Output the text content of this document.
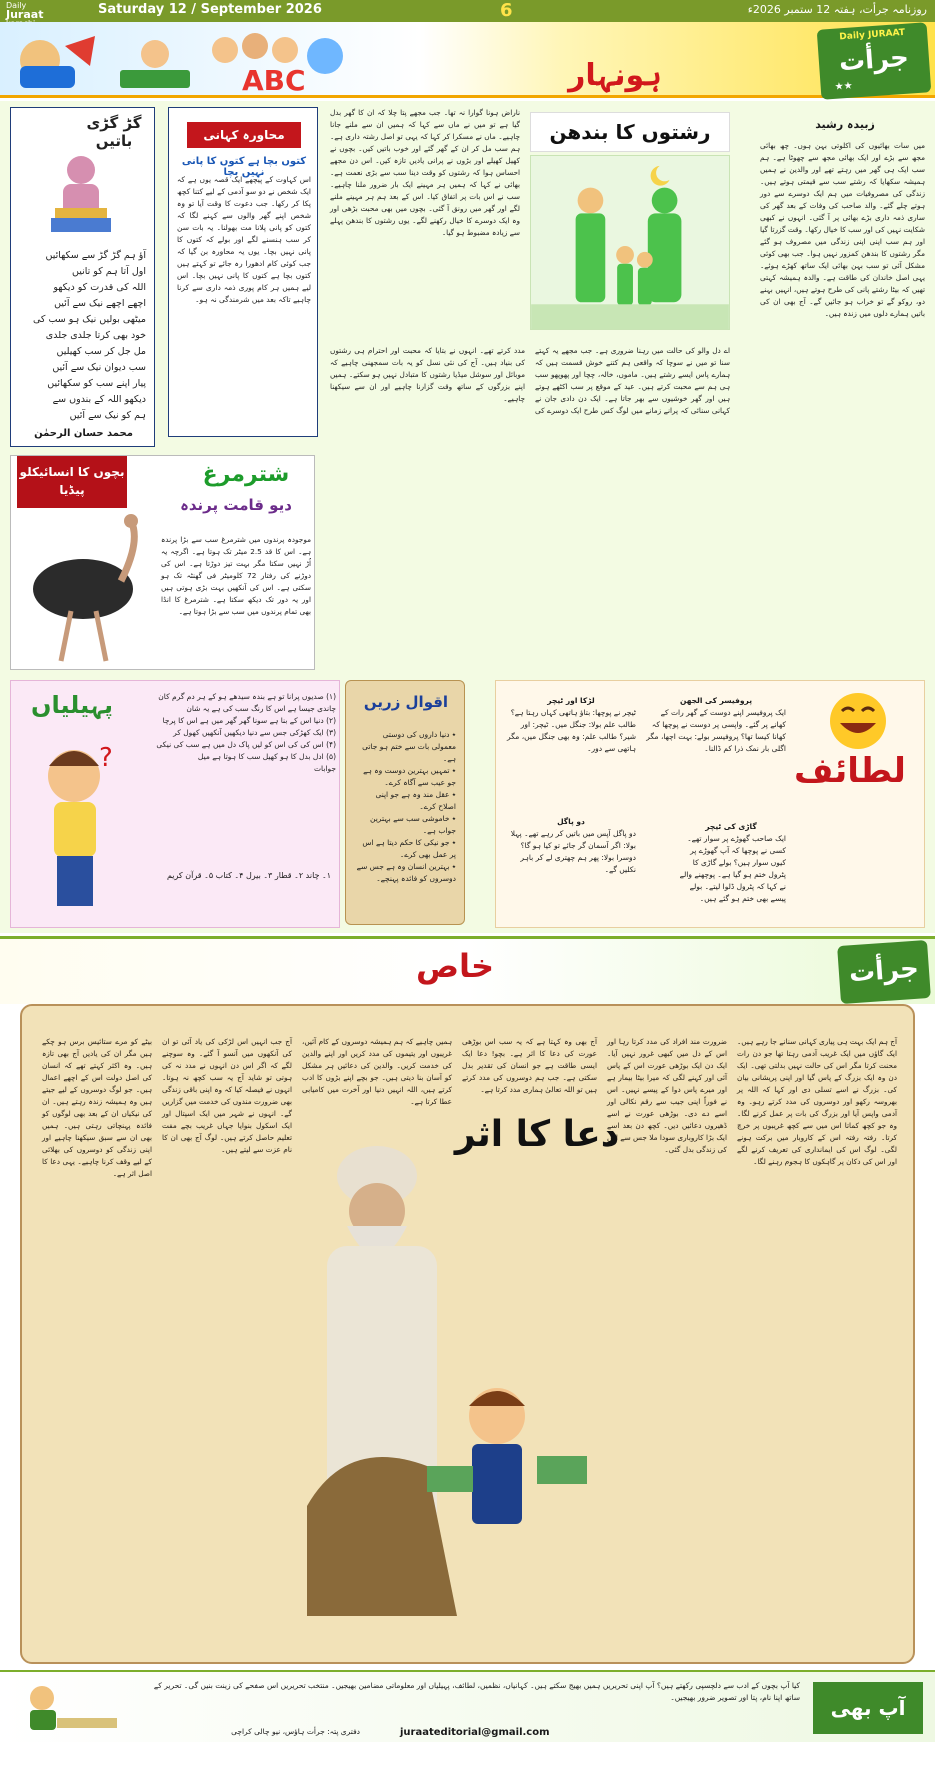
Daily
Juraat	Saturday 12 / September 2026	6	روزنامہ جرأت، ہفتہ 12 ستمبر 2026ء
ABC	ہونہار
Daily JURAAT
جرأت
★★
گڑ گڑی باتیں
آؤ ہم گڑ گڑ سے سکھائیں
اول آتا ہم کو تانیں
اللہ کی قدرت کو دیکھو
اچھے اچھے نیک سے آئیں
میٹھی بولیں نیک ہو سب کی
خود بھی کرتا جلدی جلدی
مل جل کر سب کھیلیں
سب دیوان نیک سے آئیں
پیار اپنے سب کو سکھائیں
دیکھو اللہ کے بندوں سے
ہم کو نیک سے آئیں
محمد حسان الرحمٰن
محاورہ کہانی
کتوں بچا ہے کتوں کا پانی نہیں بچا
اس کہاوت کے پیچھے ایک قصہ یوں ہے کہ ایک شخص نے دو سو آدمی کے لیے کتنا کچھ پکا کر رکھا۔ جب دعوت کا وقت آیا تو وہ شخص اپنے گھر والوں سے کہنے لگا کہ کتوں کو پانی پلانا مت بھولنا۔ یہ بات سن کر سب ہنسنے لگے اور بولے کہ کتوں کا پانی نہیں بچا۔ یوں یہ محاورہ بن گیا کہ جب کوئی کام ادھورا رہ جائے تو کہتے ہیں کتوں بچا ہے کتوں کا پانی نہیں بچا۔ اس لیے ہمیں ہر کام پوری ذمہ داری سے کرنا چاہیے تاکہ بعد میں شرمندگی نہ ہو۔
رشتوں کا بندھن	زبیدہ رشید
میں سات بھائیوں کی اکلوتی بہن ہوں۔ چھ بھائی مجھ سے بڑے اور ایک بھائی مجھ سے چھوٹا ہے۔ ہم سب ایک ہی گھر میں رہتے تھے اور والدین نے ہمیں ہمیشہ سکھایا کہ رشتے سب سے قیمتی ہوتے ہیں۔ زندگی کی مصروفیات میں ہم ایک دوسرے سے دور ہوتے چلے گئے۔ والد صاحب کی وفات کے بعد گھر کی ساری ذمہ داری بڑے بھائی پر آ گئی۔ انہوں نے کبھی شکایت نہیں کی اور سب کا خیال رکھا۔ وقت گزرتا گیا اور ہم سب اپنی اپنی زندگی میں مصروف ہو گئے مگر رشتوں کا بندھن کمزور نہیں ہوا۔ جب بھی کوئی مشکل آئی تو سب بہن بھائی ایک ساتھ کھڑے ہوئے۔ یہی اصل خاندان کی طاقت ہے۔ والدہ ہمیشہ کہتی تھیں کہ بیٹا رشتے پانی کی طرح ہوتے ہیں، انہیں بہنے دو، روکو گے تو خراب ہو جائیں گے۔ آج بھی ان کی باتیں ہمارے دلوں میں زندہ ہیں۔
ناراض ہونا گوارا نہ تھا۔ جب مجھے پتا چلا کہ ان کا گھر بدل گیا ہے تو میں نے ماں سے کہا کہ ہمیں ان سے ملنے جانا چاہیے۔ ماں نے مسکرا کر کہا کہ یہی تو اصل رشتہ داری ہے۔ ہم سب مل کر ان کے گھر گئے اور خوب باتیں کیں۔ بچوں نے کھیل کھیلے اور بڑوں نے پرانی یادیں تازہ کیں۔ اس دن مجھے احساس ہوا کہ رشتوں کو وقت دینا سب سے بڑی نعمت ہے۔ بھائی نے کہا کہ ہمیں ہر مہینے ایک بار ضرور ملنا چاہیے۔ سب نے اس بات پر اتفاق کیا۔ اس کے بعد ہم ہر مہینے ملنے لگے اور گھر میں رونق آ گئی۔ بچوں میں بھی محبت بڑھی اور وہ ایک دوسرے کا خیال رکھنے لگے۔ یوں رشتوں کا بندھن پہلے سے زیادہ مضبوط ہو گیا۔
اے دل والو کی حالت میں رہنا ضروری ہے۔ جب مجھے یہ کہتے سنا تو میں نے سوچا کہ واقعی ہم کتنے خوش قسمت ہیں کہ ہمارے پاس ایسے رشتے ہیں۔ ماموں، خالہ، چچا اور پھوپھو سب ہی ہم سے محبت کرتے ہیں۔ عید کے موقع پر سب اکٹھے ہوتے ہیں اور گھر خوشیوں سے بھر جاتا ہے۔ ایک دن دادی جان نے کہانی سنائی کہ پرانے زمانے میں لوگ کس طرح ایک دوسرے کی مدد کرتے تھے۔ انہوں نے بتایا کہ محبت اور احترام ہی رشتوں کی بنیاد ہیں۔ آج کی نئی نسل کو یہ بات سمجھنی چاہیے کہ موبائل اور سوشل میڈیا رشتوں کا متبادل نہیں ہو سکتے۔ ہمیں اپنے بزرگوں کے ساتھ وقت گزارنا چاہیے اور ان سے سیکھنا چاہیے۔
بچوں کا انسائیکلو پیڈیا
شترمرغ
دیو قامت پرندہ
موجودہ پرندوں میں شترمرغ سب سے بڑا پرندہ ہے۔ اس کا قد 2.5 میٹر تک ہوتا ہے۔ اگرچہ یہ اُڑ نہیں سکتا مگر بہت تیز دوڑتا ہے۔ اس کی دوڑنے کی رفتار 72 کلومیٹر فی گھنٹہ تک ہو سکتی ہے۔ اس کی آنکھیں بہت بڑی ہوتی ہیں اور یہ دور تک دیکھ سکتا ہے۔ شترمرغ کا انڈا بھی تمام پرندوں میں سب سے بڑا ہوتا ہے۔
پہیلیاں
?
(۱) صدیوں پرانا تو ہے بندہ سیدھے ہو کے ہر دم گرم کان
چاندی جیسا ہے اس کا رنگ سب کی ہے یہ شان
(۲) دنیا اس کے بنا ہے سونا گھر گھر میں ہے اس کا پرچا
(۳) ایک کھڑکی جس سے دنیا دیکھیں آنکھیں کھول کر
(۴) اس کی کی اس کو لیں پاک دل میں ہے سب کی نیکی
(۵) ادل بدل کا ہو کھیل سب کا ہوتا ہے میل
جوابات
۱۔ چاند ۲۔ قطار ۳۔ بیرل ۴۔ کتاب ۵۔ قرآن کریم
اقوال زریں
٭ دنیا داروں کی دوستی معمولی بات سے ختم ہو جاتی ہے۔
٭ تمہیں بہترین دوست وہ ہے جو عیب سے آگاہ کرے۔
٭ عقل مند وہ ہے جو اپنی اصلاح کرے۔
٭ خاموشی سب سے بہترین جواب ہے۔
٭ جو نیکی کا حکم دیتا ہے اس پر عمل بھی کرے۔
٭ بہترین انسان وہ ہے جس سے دوسروں کو فائدہ پہنچے۔
لطائف
گاڑی کی ٹیچر
ایک صاحب گھوڑے پر سوار تھے۔ کسی نے پوچھا کہ آپ گھوڑے پر کیوں سوار ہیں؟ بولے گاڑی کا پٹرول ختم ہو گیا ہے۔ پوچھنے والے نے کہا کہ پٹرول ڈلوا لیتے۔ بولے پیسے بھی ختم ہو گئے ہیں۔
پروفیسر کی الجھن
ایک پروفیسر اپنے دوست کے گھر رات کے کھانے پر گئے۔ واپسی پر دوست نے پوچھا کہ کھانا کیسا تھا؟ پروفیسر بولے: بہت اچھا، مگر اگلی بار نمک ذرا کم ڈالنا۔
لڑکا اور ٹیچر
ٹیچر نے پوچھا: بتاؤ ہاتھی کہاں رہتا ہے؟ طالب علم بولا: جنگل میں۔ ٹیچر: اور شیر؟ طالب علم: وہ بھی جنگل میں، مگر ہاتھی سے دور۔
دو پاگل
دو پاگل آپس میں باتیں کر رہے تھے۔ پہلا بولا: اگر آسمان گر جائے تو کیا ہو گا؟ دوسرا بولا: پھر ہم چھتری لے کر باہر نکلیں گے۔
خاص	جرأت
آج ہم ایک بہت ہی پیاری کہانی سنانے جا رہے ہیں۔ ایک گاؤں میں ایک غریب آدمی رہتا تھا جو دن رات محنت کرتا مگر اس کی حالت نہیں بدلتی تھی۔ ایک دن وہ ایک بزرگ کے پاس گیا اور اپنی پریشانی بیان کی۔ بزرگ نے اسے تسلی دی اور کہا کہ اللہ پر بھروسہ رکھو اور دوسروں کی مدد کرتے رہو۔ وہ آدمی واپس آیا اور بزرگ کی بات پر عمل کرنے لگا۔ وہ جو کچھ کماتا اس میں سے کچھ غریبوں پر خرچ کرتا۔ رفتہ رفتہ اس کے کاروبار میں برکت ہونے لگی۔ لوگ اس کی ایمانداری کی تعریف کرنے لگے اور اس کی دکان پر گاہکوں کا ہجوم رہنے لگا۔
ضرورت مند افراد کی مدد کرتا رہا اور اس کے دل میں کبھی غرور نہیں آیا۔ ایک دن ایک بوڑھی عورت اس کے پاس آئی اور کہنے لگی کہ میرا بیٹا بیمار ہے اور میرے پاس دوا کے پیسے نہیں۔ اس نے فوراً اپنی جیب سے رقم نکالی اور اسے دے دی۔ بوڑھی عورت نے اسے ڈھیروں دعائیں دیں۔ کچھ دن بعد اسے ایک بڑا کاروباری سودا ملا جس سے اس کی زندگی بدل گئی۔
آج بھی وہ کہتا ہے کہ یہ سب اس بوڑھی عورت کی دعا کا اثر ہے۔ بچو! دعا ایک ایسی طاقت ہے جو انسان کی تقدیر بدل سکتی ہے۔ جب ہم دوسروں کی مدد کرتے ہیں تو اللہ تعالیٰ ہماری مدد کرتا ہے۔
ہمیں چاہیے کہ ہم ہمیشہ دوسروں کے کام آئیں، غریبوں اور یتیموں کی مدد کریں اور اپنے والدین کی خدمت کریں۔ والدین کی دعائیں ہر مشکل کو آسان بنا دیتی ہیں۔ جو بچے اپنے بڑوں کا ادب کرتے ہیں، اللہ انہیں دنیا اور آخرت میں کامیابی عطا کرتا ہے۔
آج جب انہیں اس لڑکی کی یاد آئی تو ان کی آنکھوں میں آنسو آ گئے۔ وہ سوچنے لگے کہ اگر اس دن انہوں نے مدد نہ کی ہوتی تو شاید آج یہ سب کچھ نہ ہوتا۔ انہوں نے فیصلہ کیا کہ وہ اپنی باقی زندگی بھی ضرورت مندوں کی خدمت میں گزاریں گے۔ انہوں نے شہر میں ایک اسپتال اور ایک اسکول بنوایا جہاں غریب بچے مفت تعلیم حاصل کرتے ہیں۔ لوگ آج بھی ان کا نام عزت سے لیتے ہیں۔
بیٹے کو مرے ستائیس برس ہو چکے ہیں مگر ان کی یادیں آج بھی تازہ ہیں۔ وہ اکثر کہتے تھے کہ انسان کی اصل دولت اس کے اچھے اعمال ہیں۔ جو لوگ دوسروں کے لیے جیتے ہیں وہ ہمیشہ زندہ رہتے ہیں۔ ان کی نیکیاں ان کے بعد بھی لوگوں کو فائدہ پہنچاتی رہتی ہیں۔ ہمیں بھی ان سے سبق سیکھنا چاہیے اور اپنی زندگی کو دوسروں کی بھلائی کے لیے وقف کرنا چاہیے۔ یہی دعا کا اصل اثر ہے۔
دعا کا اثر
کیا آپ بچوں کے ادب سے دلچسپی رکھتے ہیں؟ آپ اپنی تحریریں ہمیں بھیج سکتے ہیں۔ کہانیاں، نظمیں، لطائف، پہیلیاں اور معلوماتی مضامین بھیجیں۔ منتخب تحریریں اس صفحے کی زینت بنیں گی۔ تحریر کے ساتھ اپنا نام، پتا اور تصویر ضرور بھیجیں۔
دفتری پتہ: جرأت ہاؤس، نیو چالی کراچی	juraateditorial@gmail.com
آپ بھی لکھیے
